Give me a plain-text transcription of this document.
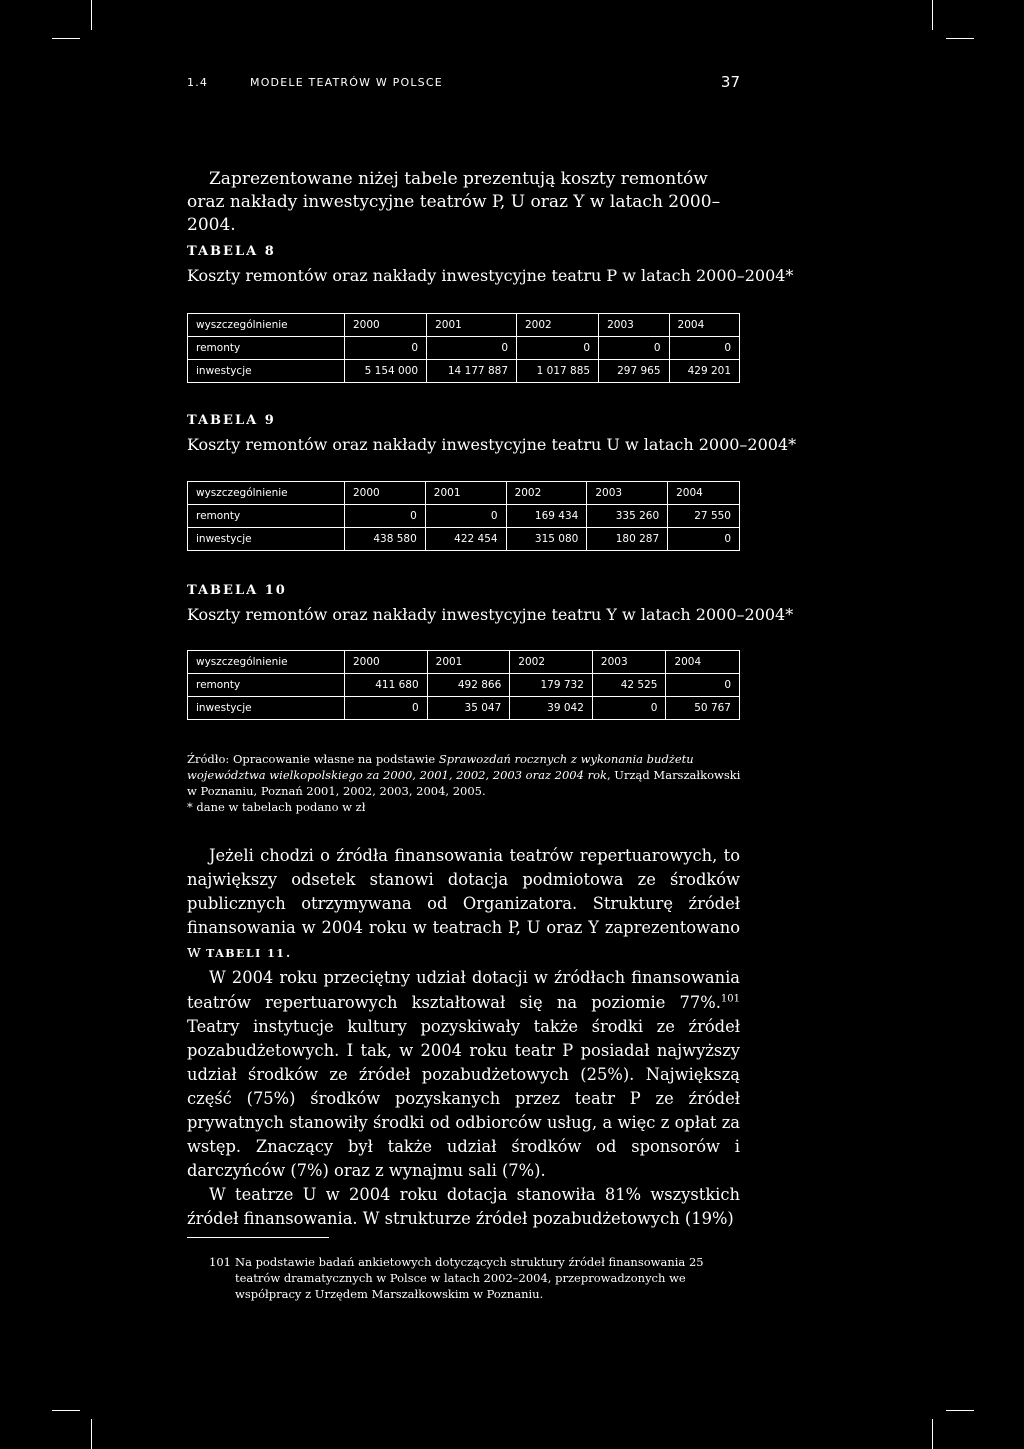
1.4	MODELE TEATRÓW W POLSCE	37

Zaprezentowane niżej tabele prezentują koszty remontów oraz nakłady inwestycyjne teatrów P, U oraz Y w latach 2000–2004.

TABELA 8
Koszty remontów oraz nakłady inwestycyjne teatru P w latach 2000–2004*
wyszczególnienie	2000	2001	2002	2003	2004
remonty	0	0	0	0	0
inwestycje	5 154 000	14 177 887	1 017 885	297 965	429 201
TABELA 9
Koszty remontów oraz nakłady inwestycyjne teatru U w latach 2000–2004*
wyszczególnienie	2000	2001	2002	2003	2004
remonty	0	0	169 434	335 260	27 550
inwestycje	438 580	422 454	315 080	180 287	0
TABELA 10
Koszty remontów oraz nakłady inwestycyjne teatru Y w latach 2000–2004*
wyszczególnienie	2000	2001	2002	2003	2004
remonty	411 680	492 866	179 732	42 525	0
inwestycje	0	35 047	39 042	0	50 767

Źródło: Opracowanie własne na podstawie Sprawozdań rocznych z wykonania budżetu województwa wielkopolskiego za 2000, 2001, 2002, 2003 oraz 2004 rok, Urząd Marszałkowski w Poznaniu, Poznań 2001, 2002, 2003, 2004, 2005.

* dane w tabelach podano w zł

Jeżeli chodzi o źródła finansowania teatrów repertuarowych, to największy odsetek stanowi dotacja podmiotowa ze środków publicznych otrzymywana od Organizatora. Strukturę źródeł finansowania w 2004 roku w teatrach P, U oraz Y zaprezentowano w TABELI 11.

W 2004 roku przeciętny udział dotacji w źródłach finansowania teatrów repertuarowych kształtował się na poziomie 77%.$^{101}$ Teatry instytucje kultury pozyskiwały także środki ze źródeł pozabudżetowych. I tak, w 2004 roku teatr P posiadał najwyższy udział środków ze źródeł pozabudżetowych (25%). Największą część (75%) środków pozyskanych przez teatr P ze źródeł prywatnych stanowiły środki od odbiorców usług, a więc z opłat za wstęp. Znaczący był także udział środków od sponsorów i darczyńców (7%) oraz z wynajmu sali (7%).

W teatrze U w 2004 roku dotacja stanowiła 81% wszystkich źródeł finansowania. W strukturze źródeł pozabudżetowych (19%)

101 Na podstawie badań ankietowych dotyczących struktury źródeł finansowania 25 teatrów dramatycznych w Polsce w latach 2002–2004, przeprowadzonych we współpracy z Urzędem Marszałkowskim w Poznaniu.
